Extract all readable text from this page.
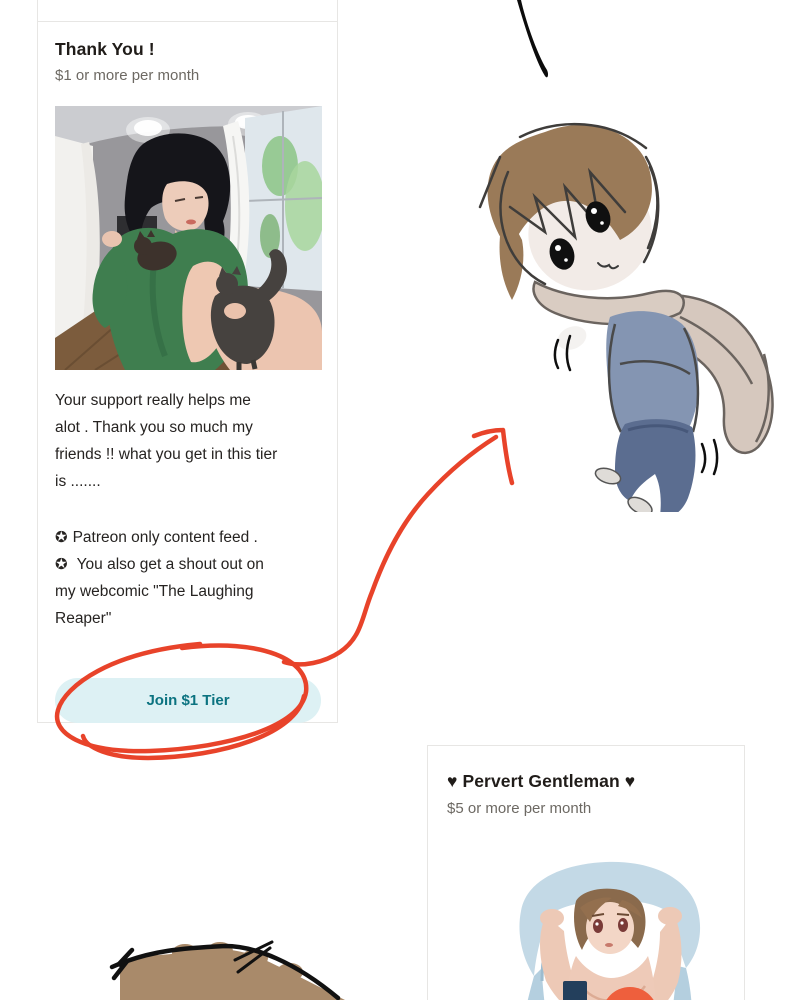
Thank You !
$1 or more per month
Your support really helps me
alot . Thank you so much my
friends !! what you get in this tier
is .......
✪ Patreon only content feed .
✪ You also get a shout out on
my webcomic "The Laughing
Reaper"
Join $1 Tier
♥ Pervert Gentleman ♥
$5 or more per month
